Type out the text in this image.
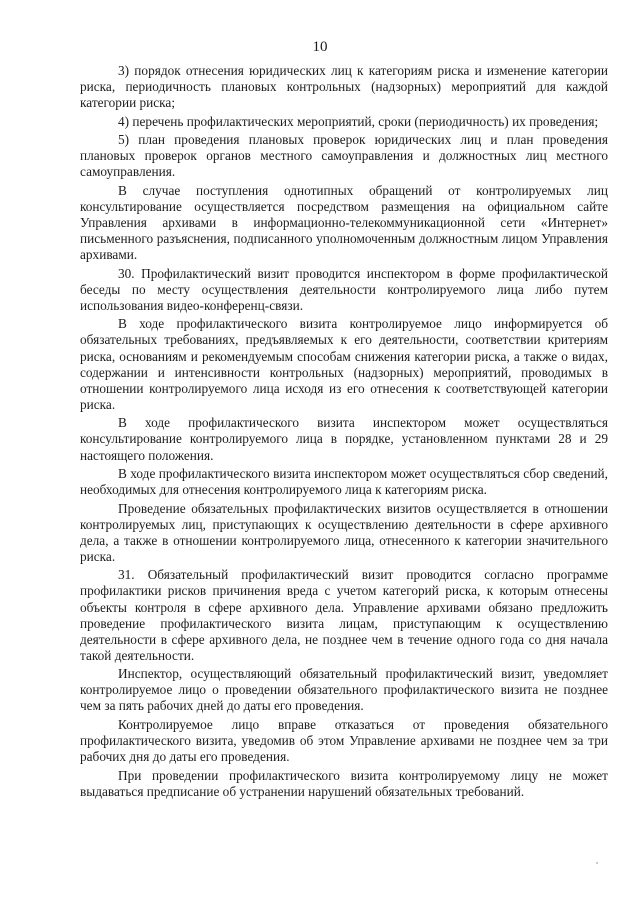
10

3) порядок отнесения юридических лиц к категориям риска и изменение категории риска, периодичность плановых контрольных (надзорных) мероприятий для каждой категории риска;

4) перечень профилактических мероприятий, сроки (периодичность) их проведения;

5) план проведения плановых проверок юридических лиц и план проведения плановых проверок органов местного самоуправления и должностных лиц местного самоуправления.

В случае поступления однотипных обращений от контролируемых лиц консультирование осуществляется посредством размещения на официальном сайте Управления архивами в информационно-телекоммуникационной сети «Интернет» письменного разъяснения, подписанного уполномоченным должностным лицом Управления архивами.

30. Профилактический визит проводится инспектором в форме профилактической беседы по месту осуществления деятельности контролируемого лица либо путем использования видео-конференц-связи.

В ходе профилактического визита контролируемое лицо информируется об обязательных требованиях, предъявляемых к его деятельности, соответствии критериям риска, основаниям и рекомендуемым способам снижения категории риска, а также о видах, содержании и интенсивности контрольных (надзорных) мероприятий, проводимых в отношении контролируемого лица исходя из его отнесения к соответствующей категории риска.

В ходе профилактического визита инспектором может осуществляться консультирование контролируемого лица в порядке, установленном пунктами 28 и 29 настоящего положения.

В ходе профилактического визита инспектором может осуществляться сбор сведений, необходимых для отнесения контролируемого лица к категориям риска.

Проведение обязательных профилактических визитов осуществляется в отношении контролируемых лиц, приступающих к осуществлению деятельности в сфере архивного дела, а также в отношении контролируемого лица, отнесенного к категории значительного риска.

31. Обязательный профилактический визит проводится согласно программе профилактики рисков причинения вреда с учетом категорий риска, к которым отнесены объекты контроля в сфере архивного дела. Управление архивами обязано предложить проведение профилактического визита лицам, приступающим к осуществлению деятельности в сфере архивного дела, не позднее чем в течение одного года со дня начала такой деятельности.

Инспектор, осуществляющий обязательный профилактический визит, уведомляет контролируемое лицо о проведении обязательного профилактического визита не позднее чем за пять рабочих дней до даты его проведения.

Контролируемое лицо вправе отказаться от проведения обязательного профилактического визита, уведомив об этом Управление архивами не позднее чем за три рабочих дня до даты его проведения.

При проведении профилактического визита контролируемому лицу не может выдаваться предписание об устранении нарушений обязательных требований.
